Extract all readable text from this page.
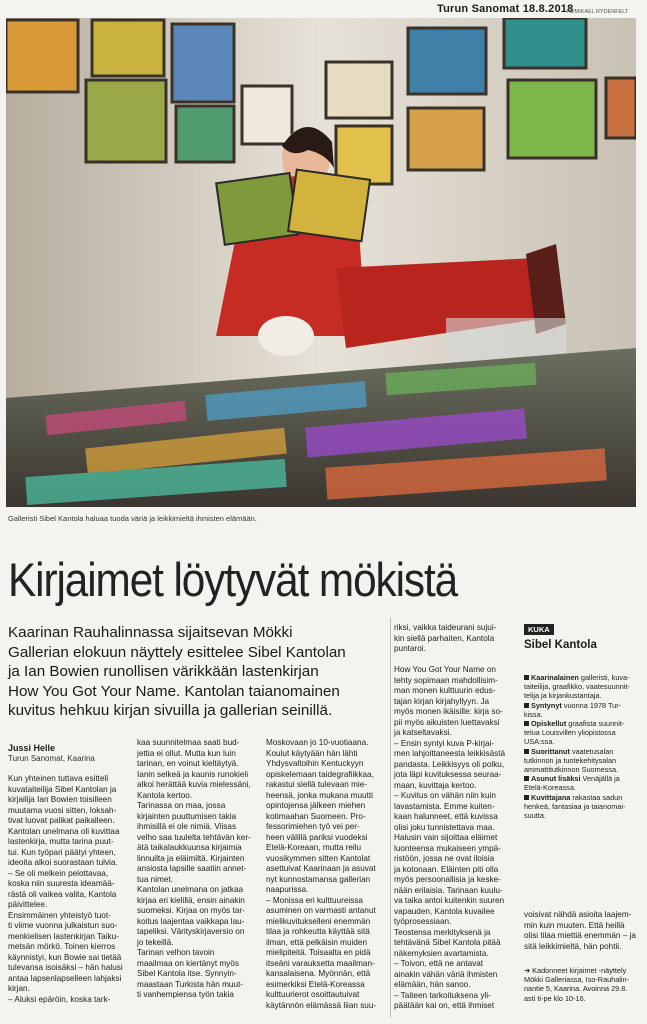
Turun Sanomat 18.8.2018
TS/MIKAEL RYDENFELT
Galleristi Sibel Kantola haluaa tuoda väriä ja leikkimieltä ihmisten elämään.
Kirjaimet löytyvät mökistä
Kaarinan Rauhalinnassa sijaitsevan Mökki
Gallerian elokuun näyttely esittelee Sibel Kantolan
ja Ian Bowien runollisen värikkään lastenkirjan
How You Got Your Name. Kantolan taianomainen
kuvitus hehkuu kirjan sivuilla ja gallerian seinillä.
Jussi Helle
Turun Sanomat, Kaarina
Kun yhteinen tuttava esitteli
kuvataiteilija Sibel Kantolan ja
kirjailija Ian Bowien toisilleen
muutama vuosi sitten, loksah-
tivat luovat palikat paikalleen.
Kantolan unelmana oli kuvittaa
lastenkirja, mutta tarina puut-
tui. Kun työpari päätyi yhteen,
ideoita alkoi suorastaan tulvia.
– Se oli melkein pelottavaa,
koska niin suuresta ideamää-
rästä oli vaikea valita, Kantola
päivittelee.
Ensimmäinen yhteistyö tuot-
ti viime vuonna julkaistun suo-
menkielisen lastenkirjan Taiku-
metsän mörkö. Toinen kierros
käynnistyi, kun Bowie sai tietää
tulevansa isoisäksi – hän halusi
antaa lapsenlapselleen lahjaksi
kirjan.
– Aluksi epäröin, koska tark-
kaa suunnitelmaa saati bud-
jettia ei ollut. Mutta kun luin
tarinan, en voinut kieltäytyä.
Ianin selkeä ja kaunis runokieli
alkoi herättää kuvia mielessäni,
Kantola kertoo.
Tarinassa on maa, jossa
kirjainten puuttumisen takia
ihmisillä ei ole nimiä. Viisas
velho saa tuulelta tehtävän ker-
ätä taikalaukkuunsa kirjaimia
linnuilta ja eläimiltä. Kirjainten
ansiosta lapsille saatiin annet-
tua nimet.
Kantolan unelmana on jatkaa
kirjaa eri kielillä, ensin ainakin
suomeksi. Kirjaa on myös tar-
koitus laajentaa vaikkapa lau-
tapeliksi. Värityskirjaversio on
jo tekeillä.
Tarinan velhon tavoin
maailmaa on kiertänyt myös
Sibel Kantola itse. Synnyin-
maastaan Turkista hän muut-
ti vanhempiensa työn takia
Moskovaan jo 10-vuotiaana.
Koulut käytyään hän lähti
Yhdysvaltoihin Kentuckyyn
opiskelemaan taidegrafiikkaa,
rakastui siellä tulevaan mie-
heensä, jonka mukana muutti
opintojensa jälkeen miehen
kotimaahan Suomeen. Pro-
fessorimiehen työ vei per-
heen välillä pariksi vuodeksi
Etelä-Koreaan, mutta reilu
vuosikymmen sitten Kantolat
asettuivat Kaarinaan ja asuvat
nyt kunnostamansa gallerian
naapurissa.
– Monissa eri kulttuureissa
asuminen on varmasti antanut
mielikuvitukselleni enemmän
tilaa ja rohkeutta käyttää sitä
ilman, että pelkäisin muiden
mielipiteitä. Toisaalta en pidä
itseäni varauksetta maailman-
kansalaisena. Myönnän, että
esimerkiksi Etelä-Koreassa
kulttuurierot osoittautuivat
käytännön elämässä liian suu-
riksi, vaikka taideurani sujui-
kin siellä parhaiten, Kantola
puntaroi.

How You Got Your Name on
tehty sopimaan mahdollisim-
man monen kulttuurin edus-
tajan kirjan kirjahyllyyn. Ja
myös monen ikäisille: kirja so-
pii myös aikuisten luettavaksi
ja katseltavaksi.
– Ensin syntyi kuva P-kirjai-
men lahjoittaneesta leikkisästä
pandasta. Leikkisyys oli polku,
jota läpi kuvituksessa seuraa-
maan, kuvittaja kertoo.
– Kuvitus on vähän niin kuin
lavastamista. Emme kuiten-
kaan halunneet, että kuvissa
olisi joku tunnistettava maa.
Halusin vain sijoittaa eläimet
luonteensa mukaiseen ympä-
ristöön, jossa ne ovat iloisia
ja kotonaan. Eläinten piti olla
myös persoonallisia ja keske-
nään erilaisia. Tarinaan kuulu-
va taika antoi kuitenkin suuren
vapauden, Kantola kuvailee
työprosessiaan.
Teostensa merkityksenä ja
tehtävänä Sibel Kantola pitää
näkemyksien avartamista.
– Toivon, että ne antavat
ainakin vähän väriä ihmisten
elämään, hän sanoo.
– Taiteen tarkoituksena yli-
päätään kai on, että ihmiset
voisivat nähdä asioita laajem-
min kuin muuten. Että heillä
olisi tilaa miettiä enemmän – ja
sitä leikkimieltä, hän pohtii.
KUKA
Sibel Kantola
Kaarinalainen galleristi, kuva-
taiteilija, graafikko, vaatesuunnit-
telija ja kirjankustantaja.
Syntynyt vuonna 1978 Tur-
kissa.
Opiskellut graafista suunnit-
telua Louisvillen yliopistossa
USA:ssa.
Suorittanut vaatetusalan
tutkinnon ja tuotekehitysalan
ammattitutkinnon Suomessa.
Asunut lisäksi Venäjällä ja
Etelä-Koreassa.
Kuvittajana rakastaa sadun
henkeä, fantasiaa ja taianomai-
suutta.
➜ Kadonneet kirjaimet -näyttely
Mökki Galleriassa, Iso-Rauhalin-
nantie 5, Kaarina. Avoinna 29.8.
asti ti-pe klo 10-16.
